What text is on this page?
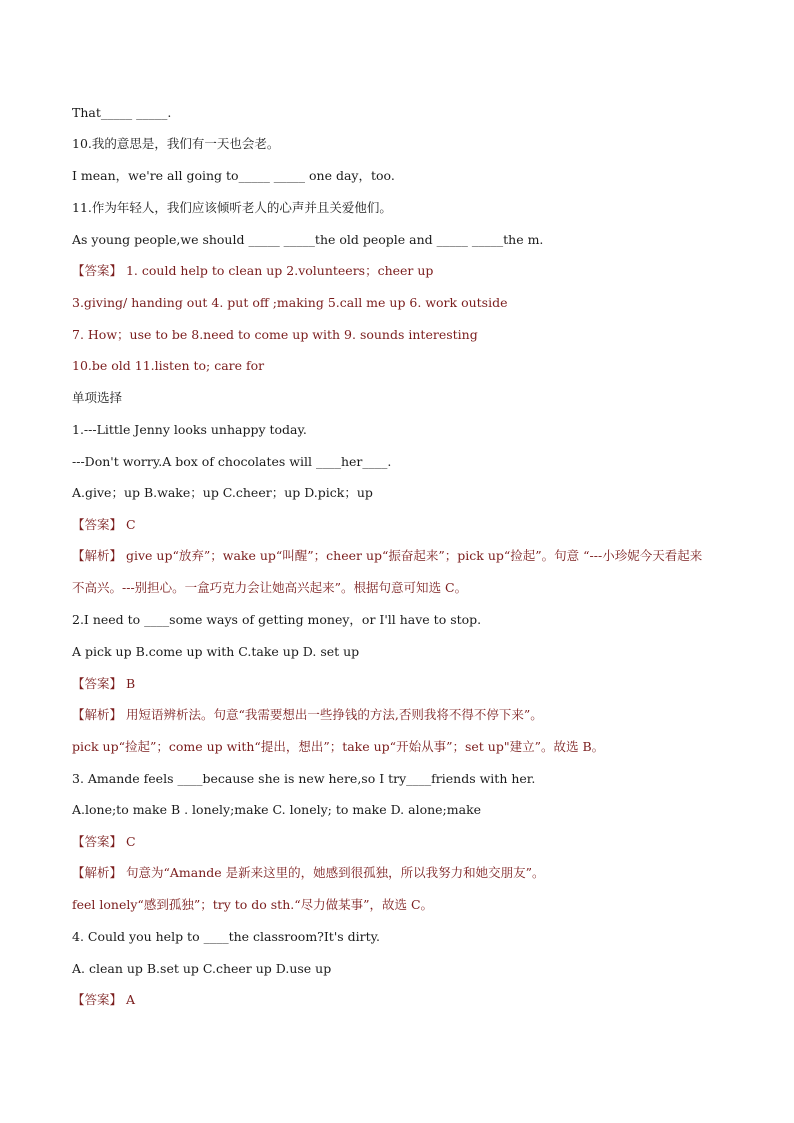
That_____ _____.
10.我的意思是，我们有一天也会老。
I mean，we're all going to_____ _____ one day，too.
11.作为年轻人，我们应该倾听老人的心声并且关爱他们。
As young people,we should _____ _____the old people and _____ _____the m.
【答案】 1. could help to clean up 2.volunteers；cheer up
3.giving/ handing out 4. put off ;making 5.call me up 6. work outside
7. How；use to be 8.need to come up with 9. sounds interesting
10.be old 11.listen to; care for
单项选择
1.---Little Jenny looks unhappy today.
---Don't worry.A box of chocolates will ____her____.
A.give；up B.wake；up C.cheer；up D.pick；up
【答案】 C
【解析】 give up“放弃”；wake up“叫醒”；cheer up“振奋起来”；pick up“捡起”。句意 “---小珍妮今天看起来
不高兴。---别担心。一盒巧克力会让她高兴起来”。根据句意可知选 C。
2.I need to ____some ways of getting money，or I'll have to stop.
A pick up B.come up with C.take up D. set up
【答案】 B
【解析】 用短语辨析法。句意“我需要想出一些挣钱的方法,否则我将不得不停下来”。
pick up“捡起”；come up with“提出，想出”；take up“开始从事”；set up"建立”。故选 B。
3. Amande feels ____because she is new here,so I try____friends with her.
A.lone;to make B . lonely;make C. lonely; to make D. alone;make
【答案】 C
【解析】 句意为“Amande 是新来这里的，她感到很孤独，所以我努力和她交朋友”。
feel lonely“感到孤独”；try to do sth.“尽力做某事”，故选 C。
4. Could you help to ____the classroom?It's dirty.
A. clean up B.set up C.cheer up D.use up
【答案】 A
